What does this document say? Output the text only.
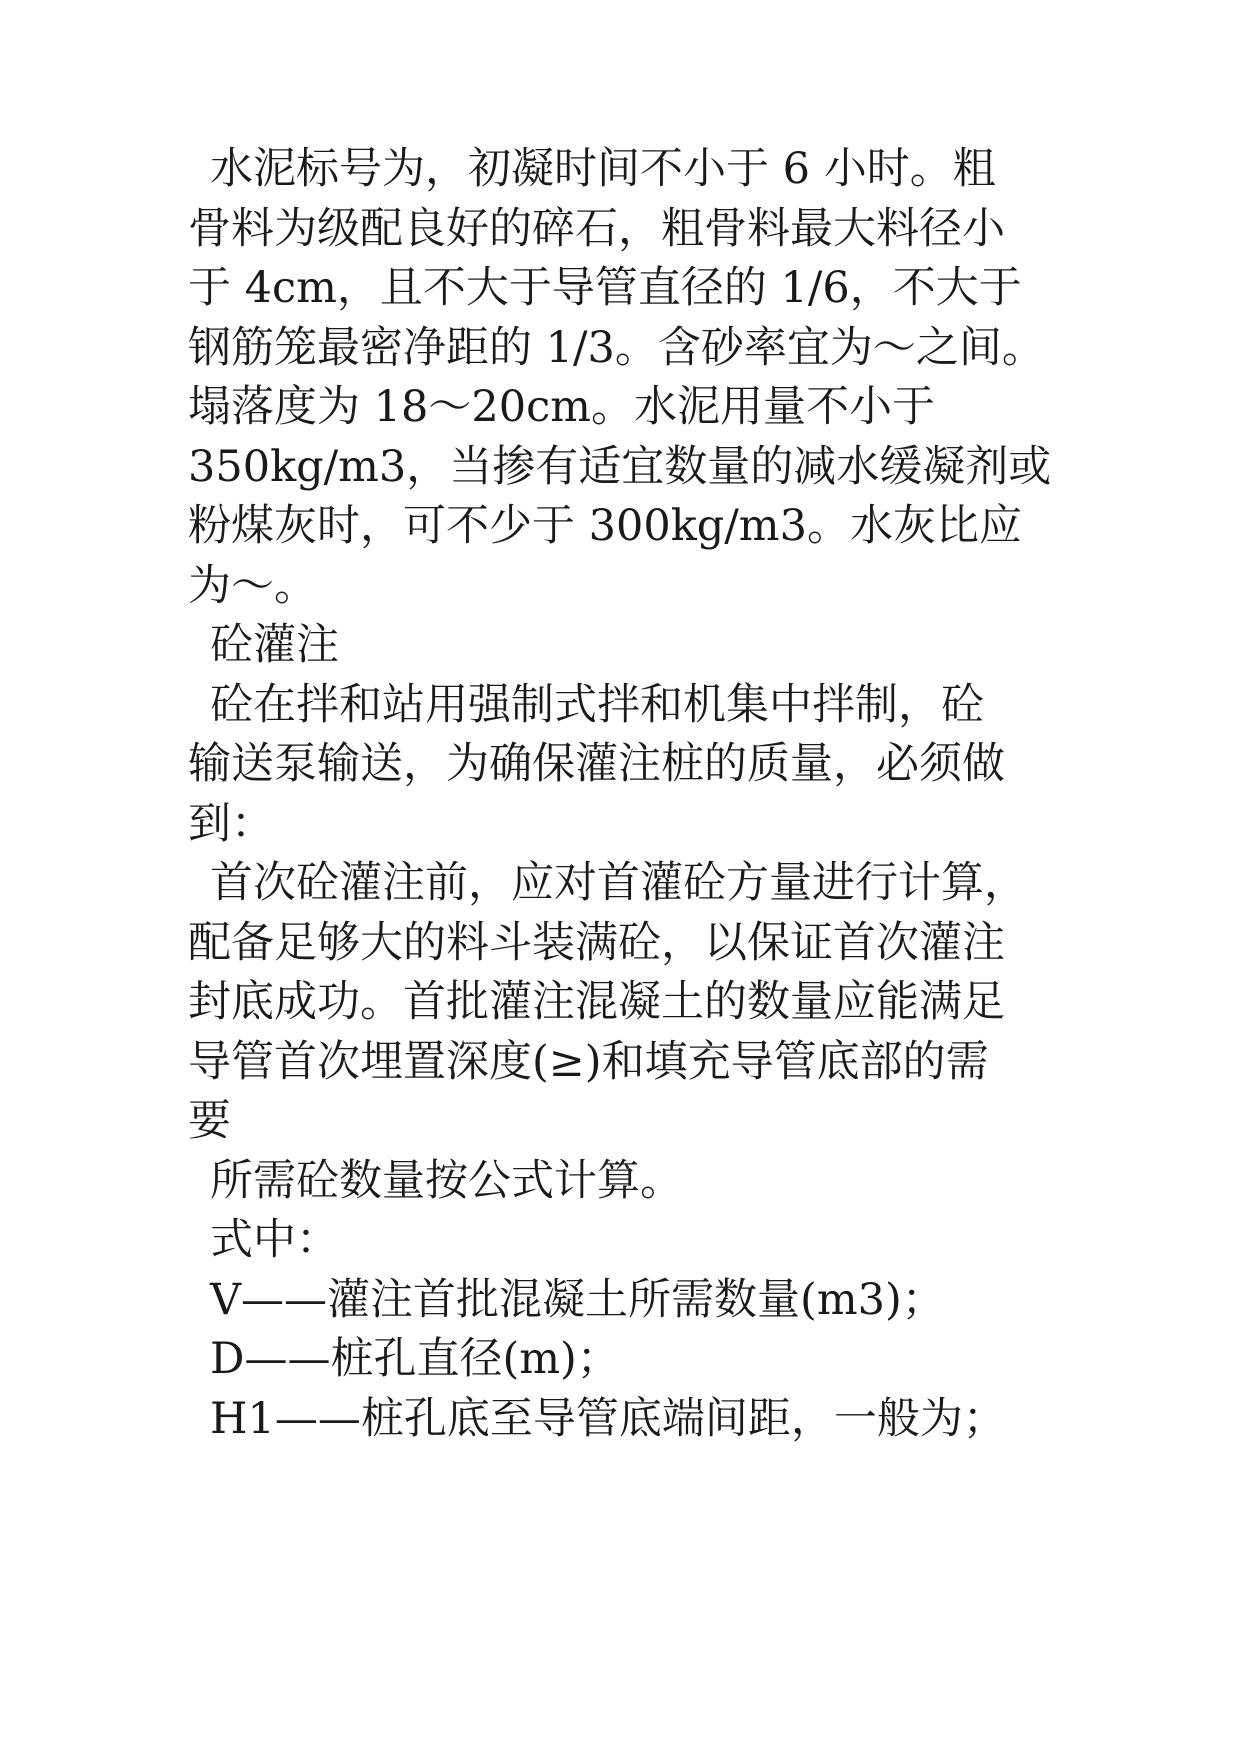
水泥标号为，初凝时间不小于 6 小时。粗
骨料为级配良好的碎石，粗骨料最大料径小
于 4cm，且不大于导管直径的 1/6，不大于
钢筋笼最密净距的 1/3。含砂率宜为～之间。
塌落度为 18～20cm。水泥用量不小于
350kg/m3，当掺有适宜数量的减水缓凝剂或
粉煤灰时，可不少于 300kg/m3。水灰比应
为～。
砼灌注
砼在拌和站用强制式拌和机集中拌制，砼
输送泵输送，为确保灌注桩的质量，必须做
到：
首次砼灌注前，应对首灌砼方量进行计算，
配备足够大的料斗装满砼，以保证首次灌注
封底成功。首批灌注混凝土的数量应能满足
导管首次埋置深度(≥)和填充导管底部的需
要
所需砼数量按公式计算。
式中：
V——灌注首批混凝土所需数量(m3)；
D——桩孔直径(m)；
H1——桩孔底至导管底端间距，一般为；
